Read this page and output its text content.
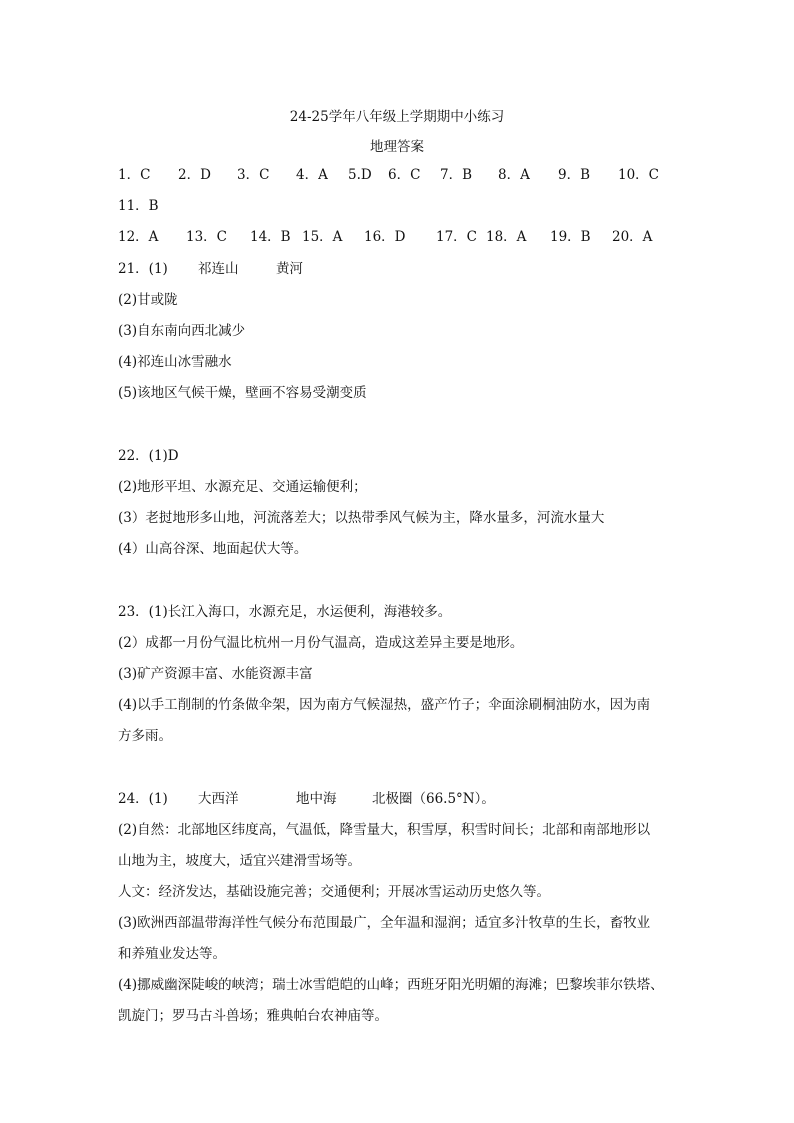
24-25学年八年级上学期期中小练习
地理答案
1．C 2．D 3．C 4．A 5.D 6．C 7．B 8．A 9．B 10．C
11．B
12．A 13．C 14．B 15．A 16．D 17．C 18．A 19．B 20．A
21．(1) 祁连山	黄河
(2)甘或陇
(3)自东南向西北减少
(4)祁连山冰雪融水
(5)该地区气候干燥，壁画不容易受潮变质
22．(1)D
(2)地形平坦、水源充足、交通运输便利；
(3）老挝地形多山地，河流落差大；以热带季风气候为主，降水量多，河流水量大
(4）山高谷深、地面起伏大等。
23．(1)长江入海口，水源充足，水运便利，海港较多。
(2）成都一月份气温比杭州一月份气温高，造成这差异主要是地形。
(3)矿产资源丰富、水能资源丰富
(4)以手工削制的竹条做伞架，因为南方气候湿热，盛产竹子；伞面涂刷桐油防水，因为南
方多雨。
24．(1) 大西洋	地中海	北极圈（66.5°N）。
(2)自然：北部地区纬度高，气温低，降雪量大，积雪厚，积雪时间长；北部和南部地形以
山地为主，坡度大，适宜兴建滑雪场等。
人文：经济发达，基础设施完善；交通便利；开展冰雪运动历史悠久等。
(3)欧洲西部温带海洋性气候分布范围最广，全年温和湿润；适宜多汁牧草的生长，畜牧业
和养殖业发达等。
(4)挪威幽深陡峻的峡湾；瑞士冰雪皑皑的山峰；西班牙阳光明媚的海滩；巴黎埃菲尔铁塔、
凯旋门；罗马古斗兽场；雅典帕台农神庙等。
